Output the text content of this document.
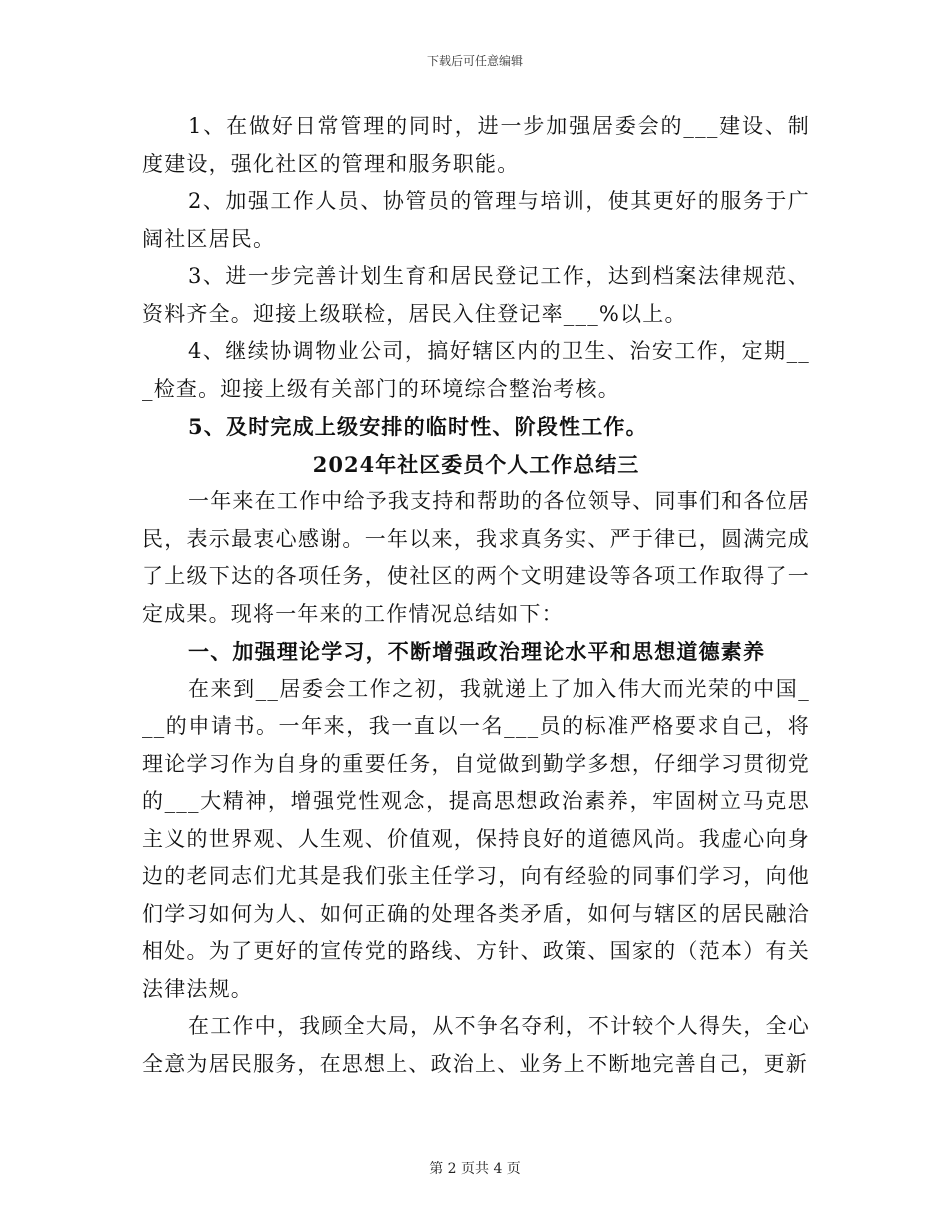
下载后可任意编辑

1、在做好日常管理的同时，进一步加强居委会的___建设、制度建设，强化社区的管理和服务职能。

2、加强工作人员、协管员的管理与培训，使其更好的服务于广阔社区居民。

3、进一步完善计划生育和居民登记工作，达到档案法律规范、资料齐全。迎接上级联检，居民入住登记率___%以上。

4、继续协调物业公司，搞好辖区内的卫生、治安工作，定期___检查。迎接上级有关部门的环境综合整治考核。

5、及时完成上级安排的临时性、阶段性工作。

2024年社区委员个人工作总结三

一年来在工作中给予我支持和帮助的各位领导、同事们和各位居民，表示最衷心感谢。一年以来，我求真务实、严于律已，圆满完成了上级下达的各项任务，使社区的两个文明建设等各项工作取得了一定成果。现将一年来的工作情况总结如下：

一、加强理论学习，不断增强政治理论水平和思想道德素养

在来到__居委会工作之初，我就递上了加入伟大而光荣的中国___的申请书。一年来，我一直以一名___员的标准严格要求自己，将理论学习作为自身的重要任务，自觉做到勤学多想，仔细学习贯彻党的___大精神，增强党性观念，提高思想政治素养，牢固树立马克思主义的世界观、人生观、价值观，保持良好的道德风尚。我虚心向身边的老同志们尤其是我们张主任学习，向有经验的同事们学习，向他们学习如何为人、如何正确的处理各类矛盾，如何与辖区的居民融洽相处。为了更好的宣传党的路线、方针、政策、国家的（范本）有关法律法规。

在工作中，我顾全大局，从不争名夺利，不计较个人得失，全心全意为居民服务，在思想上、政治上、业务上不断地完善自己，更新

第 2 页共 4 页
